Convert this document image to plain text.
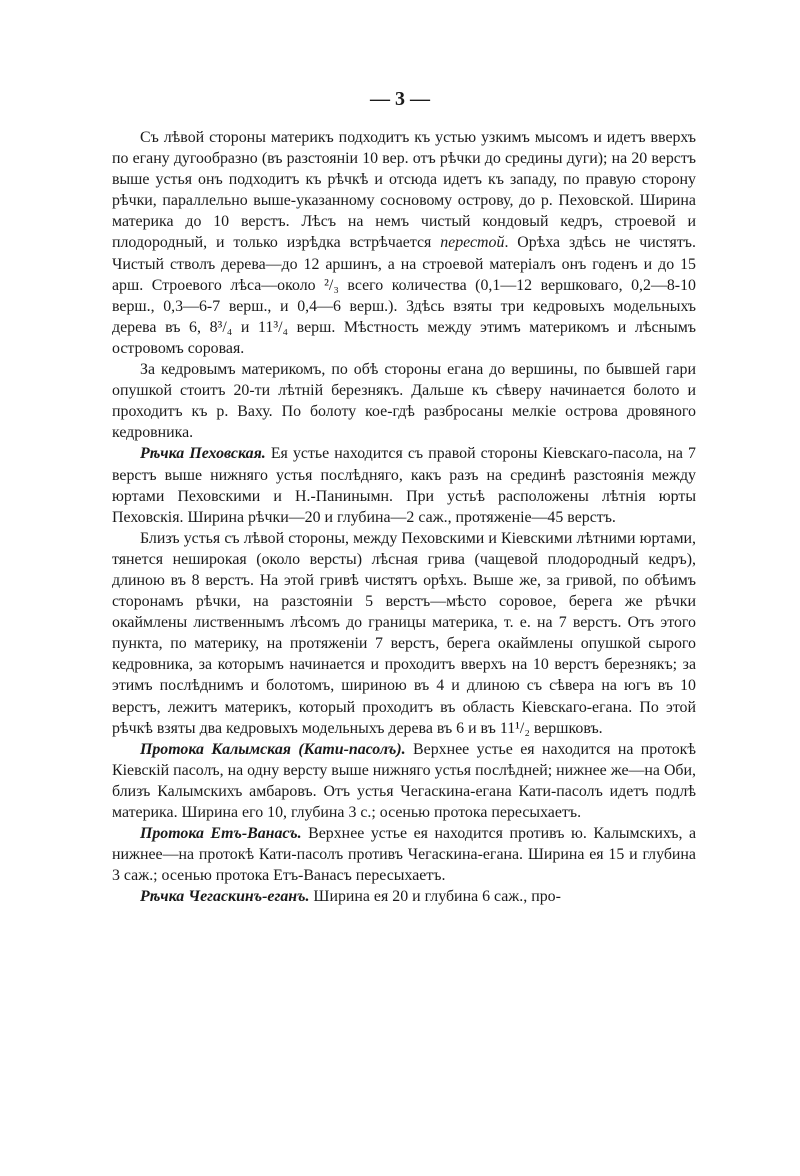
— 3 —

Съ лѣвой стороны материкъ подходитъ къ устью узкимъ мысомъ и идетъ вверхъ по егану дугообразно (въ разстояніи 10 вер. отъ рѣчки до средины дуги); на 20 верстъ выше устья онъ подходитъ къ рѣчкѣ и отсюда идетъ къ западу, по правую сторону рѣчки, параллельно выше-указанному сосновому острову, до р. Пеховской. Ширина материка до 10 верстъ. Лѣсъ на немъ чистый кондовый кедръ, строевой и плодородный, и только изрѣдка встрѣчается перестой. Орѣха здѣсь не чистятъ. Чистый стволъ дерева—до 12 аршинъ, а на строевой матеріалъ онъ годенъ и до 15 арш. Строевого лѣса—около ²/₃ всего количества (0,1—12 вершковаго, 0,2—8-10 верш., 0,3—6-7 верш., и 0,4—6 верш.). Здѣсь взяты три кедровыхъ модельныхъ дерева въ 6, 8³/₄ и 11³/₄ верш. Мѣстность между этимъ материкомъ и лѣснымъ островомъ соровая.

За кедровымъ материкомъ, по обѣ стороны егана до вершины, по бывшей гари опушкой стоитъ 20-ти лѣтній березнякъ. Дальше къ сѣверу начинается болото и проходитъ къ р. Ваху. По болоту кое-гдѣ разбросаны мелкіе острова дровяного кедровника.

Рѣчка Пеховская. Ея устье находится съ правой стороны Кіевскаго-пасола, на 7 верстъ выше нижняго устья послѣдняго, какъ разъ на срединѣ разстоянія между юртами Пеховскими и Н.-Панинымн. При устьѣ расположены лѣтнія юрты Пеховскія. Ширина рѣчки—20 и глубина—2 саж., протяженіе—45 верстъ.

Близъ устья съ лѣвой стороны, между Пеховскими и Кіевскими лѣтними юртами, тянется неширокая (около версты) лѣсная грива (чащевой плодородный кедръ), длиною въ 8 верстъ. На этой гривѣ чистятъ орѣхъ. Выше же, за гривой, по обѣимъ сторонамъ рѣчки, на разстояніи 5 верстъ—мѣсто соровое, берега же рѣчки окаймлены лиственнымъ лѣсомъ до границы материка, т. е. на 7 верстъ. Отъ этого пункта, по материку, на протяженіи 7 верстъ, берега окаймлены опушкой сырого кедровника, за которымъ начинается и проходитъ вверхъ на 10 верстъ березнякъ; за этимъ послѣднимъ и болотомъ, шириною въ 4 и длиною съ сѣвера на югъ въ 10 верстъ, лежитъ материкъ, который проходитъ въ область Кіевскаго-егана. По этой рѣчкѣ взяты два кедровыхъ модельныхъ дерева въ 6 и въ 11¹/₂ вершковъ.

Протока Калымская (Кати-пасолъ). Верхнее устье ея находится на протокѣ Кіевскій пасолъ, на одну версту выше нижняго устья послѣдней; нижнее же—на Оби, близъ Калымскихъ амбаровъ. Отъ устья Чегаскина-егана Кати-пасолъ идетъ подлѣ материка. Ширина его 10, глубина 3 с.; осенью протока пересыхаетъ.

Протока Етъ-Ванасъ. Верхнее устье ея находится противъ ю. Калымскихъ, а нижнее—на протокѣ Кати-пасолъ противъ Чегаскина-егана. Ширина ея 15 и глубина 3 саж.; осенью протока Етъ-Ванасъ пересыхаетъ.

Рѣчка Чегаскинъ-еганъ. Ширина ея 20 и глубина 6 саж., про-
